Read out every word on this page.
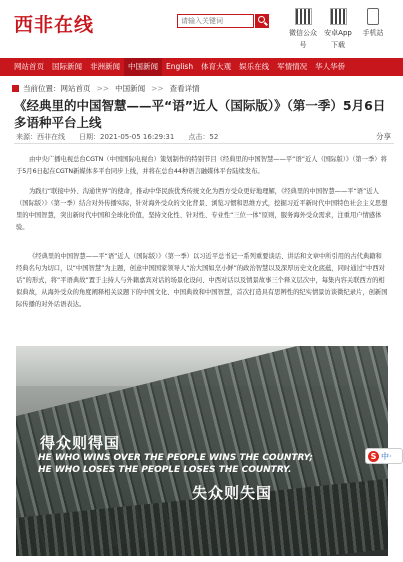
西非在线	请输入关键词
微信公众号
安卓App下载
手机站
网站首页	国际新闻	非洲新闻	中国新闻	English	体育大观	娱乐在线	军情情况	华人华侨
当前位置： 网站首页 >> 中国新闻 >> 查看详情
《经典里的中国智慧——平“语”近人（国际版）》（第一季）5月6日多语种平台上线
来源： 西非在线 日期： 2021-05-05 16:29:31 点击： 52	分享

由中央广播电视总台CGTN（中国国际电视台）策划制作的特别节目《经典里的中国智慧——平“语”近人（国际版）》（第一季）将于5月6日起在CGTN新媒体多平台同步上线，并将在总台44种语言融媒体平台陆续发布。

为践行“联接中外、沟通世界”的使命，推动中华民族优秀传统文化为西方受众更好地理解，《经典里的中国智慧——平“语”近人（国际版）》（第一季）结合对外传播实际，针对海外受众的文化背景、浏览习惯和思维方式，挖掘习近平新时代中国特色社会主义思想里的中国智慧，突出新时代中国和全球化价值，坚持文化性、针对性、专业性“三位一体”原则，服务海外受众需求，注重用户情感体验。

《经典里的中国智慧——平“语”近人（国际版）》（第一季）以习近平总书记一系列重要谈话、讲话和文章中所引用的古代典籍和经典名句为切口，以“中国智慧”为主题，创意中国国家领导人“治大国如烹小鲜”的政治智慧以及深厚历史文化底蕴，同时通过“中西对话”的形式，将“平语典故”置于主持人与外籍嘉宾对话的场景化设问、中西对话以及情景故事三个释义层次中，每集内容关联西方的相似典故，从海外受众的角度阐释相关议题下的中国文化、中国典故和中国智慧，首次打造具有思辨性的纪实情景访谈微纪录片，创新国际传播的对外话语表达。

得众则得国
HE WHO WINS OVER THE PEOPLE WINS THE COUNTRY;
HE WHO LOSES THE PEOPLE LOSES THE COUNTRY.
失众则失国
S 中·
